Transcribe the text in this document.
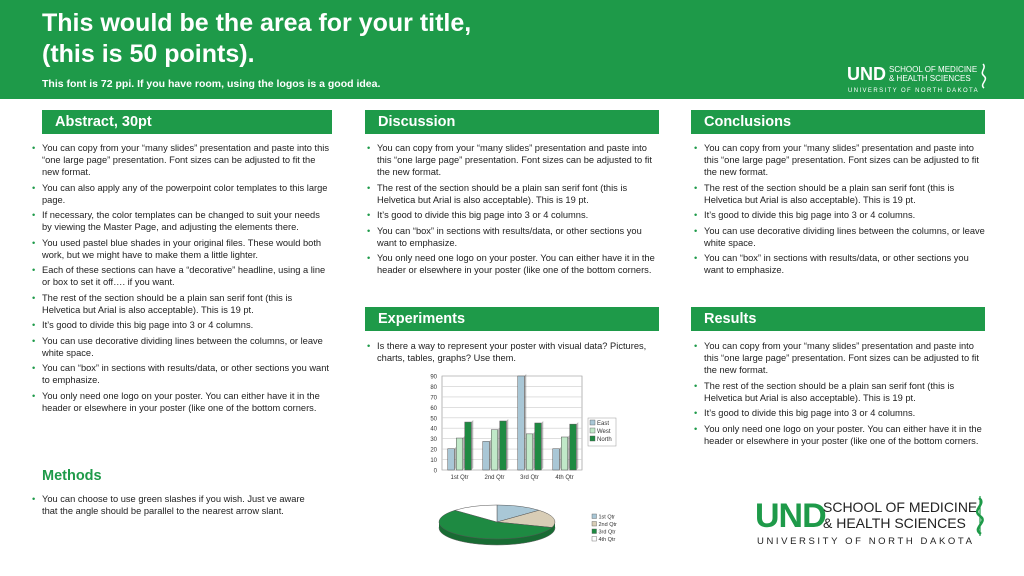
This would be the area for your title,
(this is 50 points).
This font is 72 ppi. If you have room, using the logos is a good idea.	UND SCHOOL OF MEDICINE
& HEALTH SCIENCES
UNIVERSITY OF NORTH DAKOTA
Abstract, 30pt
• You can copy from your “many slides” presentation and paste into this “one large page” presentation. Font sizes can be adjusted to fit the new format.
• You can also apply any of the powerpoint color templates to this large page.
• If necessary, the color templates can be changed to suit your needs by viewing the Master Page, and adjusting the elements there.
• You used pastel blue shades in your original files. These would both work, but we might have to make them a little lighter.
• Each of these sections can have a “decorative” headline, using a line or box to set it off…. if you want.
• The rest of the section should be a plain san serif font (this is Helvetica but Arial is also acceptable). This is 19 pt.
• It’s good to divide this big page into 3 or 4 columns.
• You can use decorative dividing lines between the columns, or leave white space.
• You can “box” in sections with results/data, or other sections you want to emphasize.
• You only need one logo on your poster. You can either have it in the header or elsewhere in your poster (like one of the bottom corners.
Methods
• You can choose to use green slashes if you wish. Just ve aware that the angle should be parallel to the nearest arrow slant.
Discussion
• You can copy from your “many slides” presentation and paste into this “one large page” presentation. Font sizes can be adjusted to fit the new format.
• The rest of the section should be a plain san serif font (this is Helvetica but Arial is also acceptable). This is 19 pt.
• It’s good to divide this big page into 3 or 4 columns.
• You can “box” in sections with results/data, or other sections you want to emphasize.
• You only need one logo on your poster. You can either have it in the header or elsewhere in your poster (like one of the bottom corners.
Experiments
• Is there a way to represent your poster with visual data? Pictures, charts, tables, graphs? Use them.
0
10
20
30
40
50
60
70
80
90
1st Qtr	2nd Qtr	3rd Qtr	4th Qtr
East
West
North
1st Qtr
2nd Qtr
3rd Qtr
4th Qtr
Conclusions
• You can copy from your “many slides” presentation and paste into this “one large page” presentation. Font sizes can be adjusted to fit the new format.
• The rest of the section should be a plain san serif font (this is Helvetica but Arial is also acceptable). This is 19 pt.
• It’s good to divide this big page into 3 or 4 columns.
• You can use decorative dividing lines between the columns, or leave white space.
• You can “box” in sections with results/data, or other sections you want to emphasize.
Results
• You can copy from your “many slides” presentation and paste into this “one large page” presentation. Font sizes can be adjusted to fit the new format.
• The rest of the section should be a plain san serif font (this is Helvetica but Arial is also acceptable). This is 19 pt.
• It’s good to divide this big page into 3 or 4 columns.
• You only need one logo on your poster. You can either have it in the header or elsewhere in your poster (like one of the bottom corners.
UND
SCHOOL OF MEDICINE
& HEALTH SCIENCES
UNIVERSITY OF NORTH DAKOTA
